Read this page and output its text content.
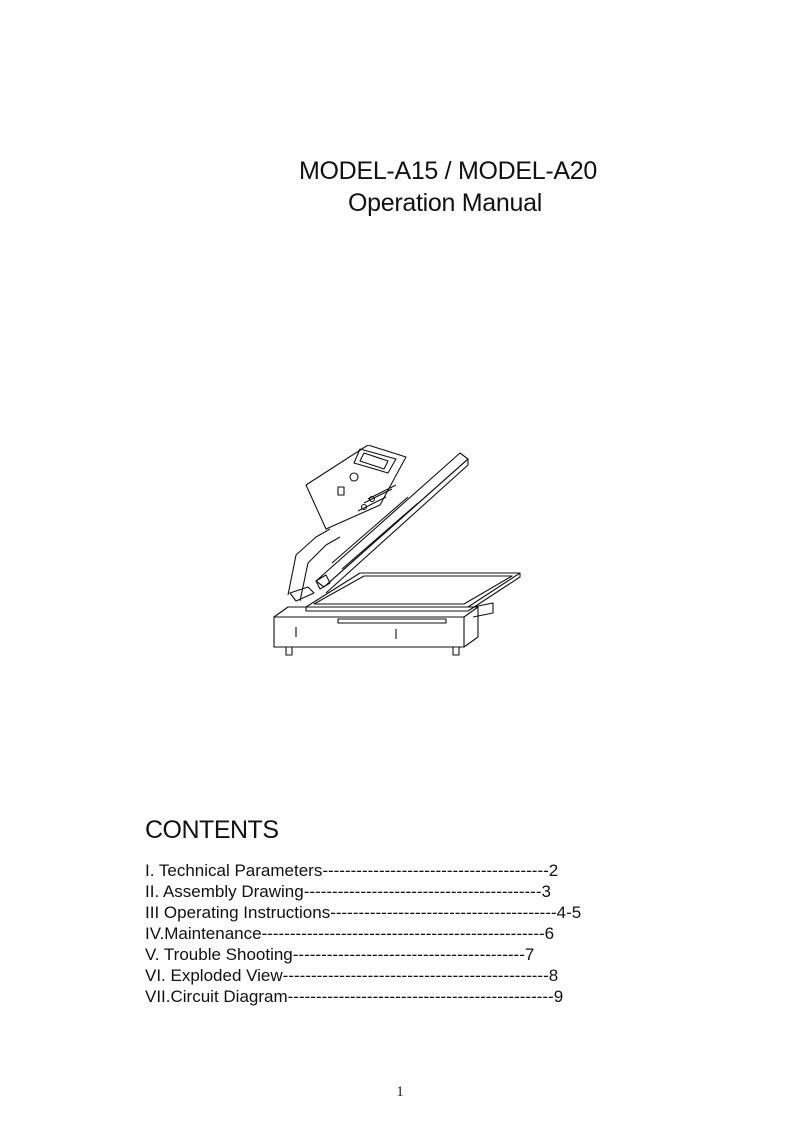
MODEL-A15 / MODEL-A20
Operation Manual
CONTENTS
I. Technical Parameters ---------------------------------------- 2
II. Assembly Drawing ------------------------------------------ 3
III Operating Instructions ---------------------------------------- 4-5
IV.Maintenance -------------------------------------------------- 6
V. Trouble Shooting ----------------------------------------- 7
VI. Exploded View ----------------------------------------------- 8
VII.Circuit Diagram ----------------------------------------------- 9
1
